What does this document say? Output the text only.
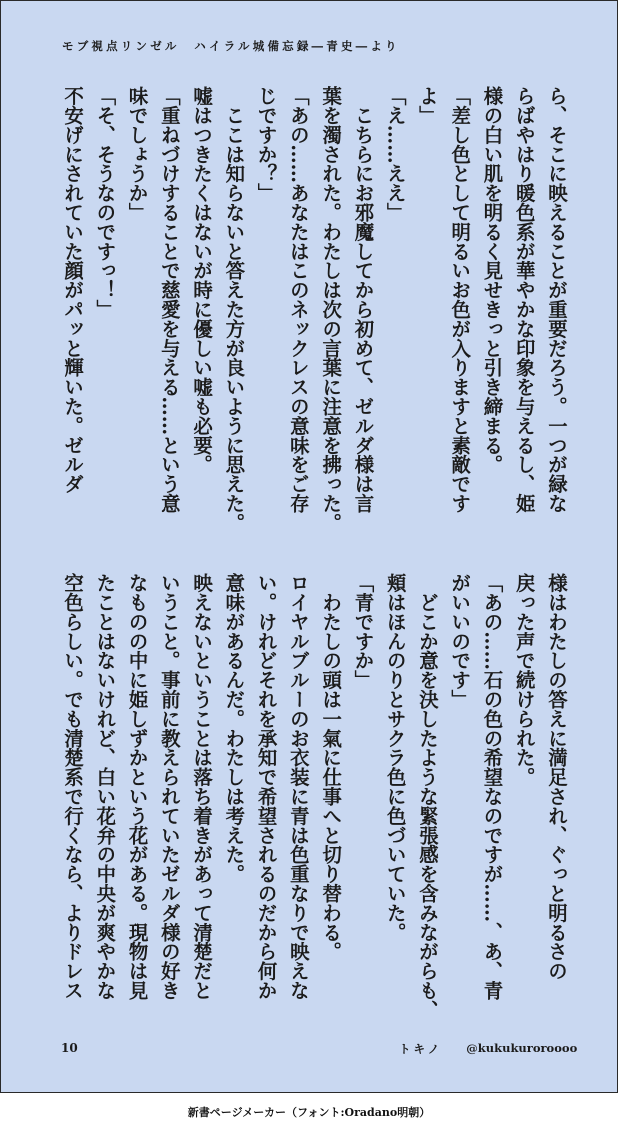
モブ視点リンゼル　ハイラル城備忘録―青史―より
ら、そこに映えることが重要だろう。一つが緑な
らばやはり暖色系が華やかな印象を与えるし、姫
様の白い肌を明るく見せきっと引き締まる。
「差し色として明るいお色が入りますと素敵です
よ」
「え……ええ」
　こちらにお邪魔してから初めて、ゼルダ様は言
葉を濁された。わたしは次の言葉に注意を拂った。
「あの……あなたはこのネックレスの意味をご存
じですか？」
　ここは知らないと答えた方が良いように思えた。
嘘はつきたくはないが時に優しい嘘も必要。
「重ねづけすることで慈愛を与える……という意
味でしょうか」
「そ、そうなのですっ！」
不安げにされていた顔がパッと輝いた。ゼルダ
様はわたしの答えに満足され、ぐっと明るさの
戻った声で続けられた。
「あの……石の色の希望なのですが……、あ、青
がいいのです」
　どこか意を決したような緊張感を含みながらも、
頬はほんのりとサクラ色に色づいていた。
「青ですか」
　わたしの頭は一氣に仕事へと切り替わる。
ロイヤルブルーのお衣装に青は色重なりで映えな
い。けれどそれを承知で希望されるのだから何か
意味があるんだ。わたしは考えた。
映えないということは落ち着きがあって清楚だと
いうこと。事前に教えられていたゼルダ様の好き
なものの中に姫しずかという花がある。現物は見
たことはないけれど、白い花弁の中央が爽やかな
空色らしい。でも清楚系で行くなら、よりドレス
10	トキノ @kukukuroroooo
新書ページメーカー（フォント:Oradano明朝）
